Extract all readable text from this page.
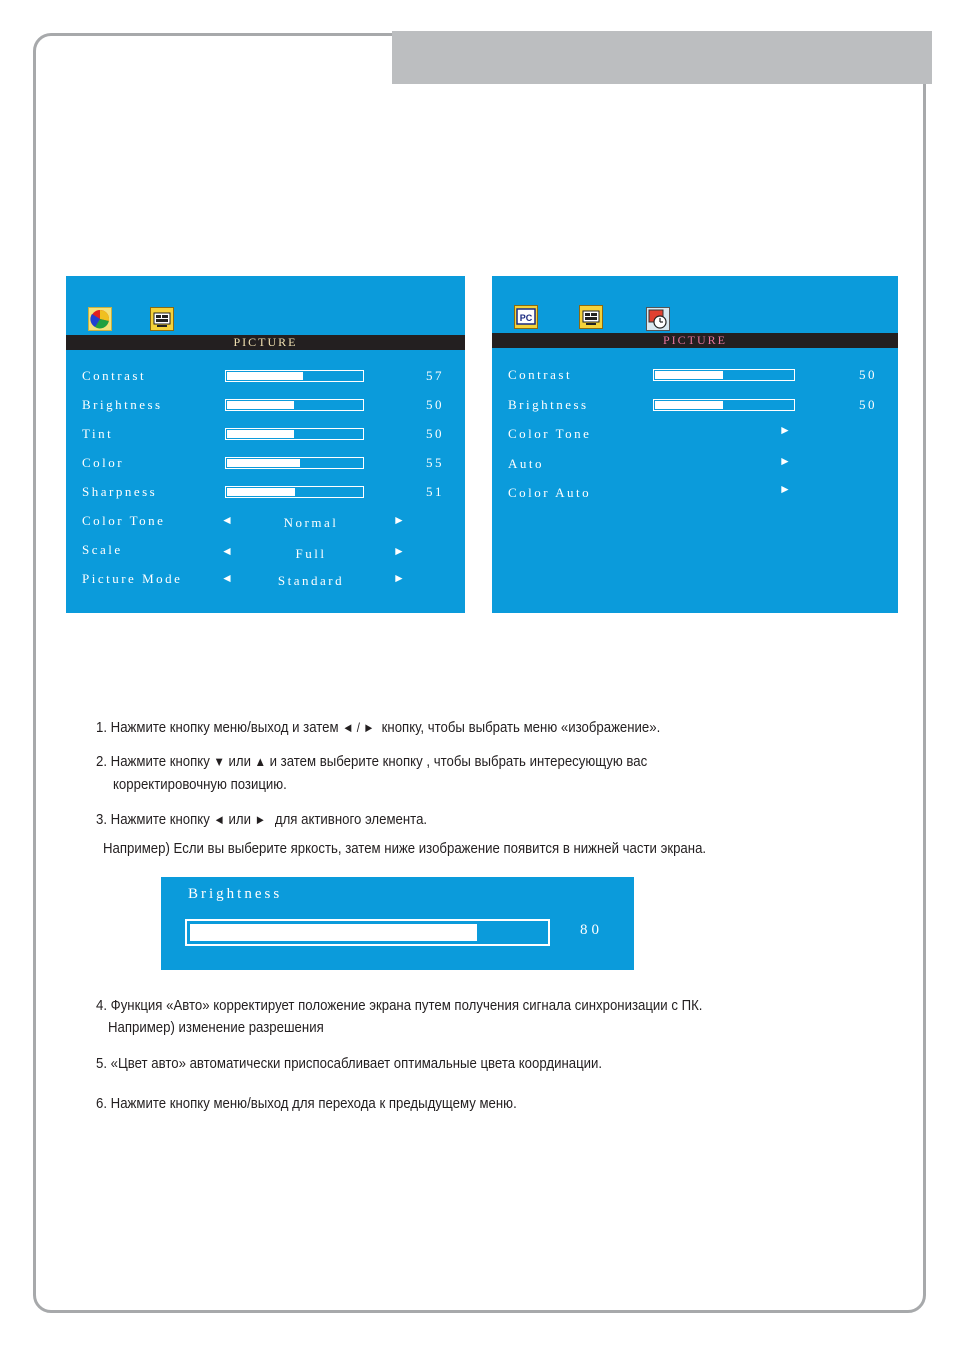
PICTURE
Contrast	57
Brightness	50
Tint	50
Color	55
Sharpness	51
Color Tone	◄	Normal	►
Scale	◄	Full	►
Picture Mode	◄	Standard	►
PC
PICTURE
Contrast	50
Brightness	50
Color Tone	►
Auto	►
Color Auto	►
1. Нажмите кнопку меню/выход и затем ◄ / ► кнопку, чтобы выбрать меню «изображение».
2. Нажмите кнопку ▼ или ▲ и затем выберите кнопку , чтобы выбрать интересующую вас
корректировочную позицию.
3. Нажмите кнопку ◄ или ► для активного элемента.
Например) Если вы выберите яркость, затем ниже изображение появится в нижней части экрана.
Brightness
80
4. Функция «Авто» корректирует положение экрана путем получения сигнала синхронизации с ПК.
Например) изменение разрешения
5. «Цвет авто» автоматически приспосабливает оптимальные цвета координации.
6. Нажмите кнопку меню/выход для перехода к предыдущему меню.
